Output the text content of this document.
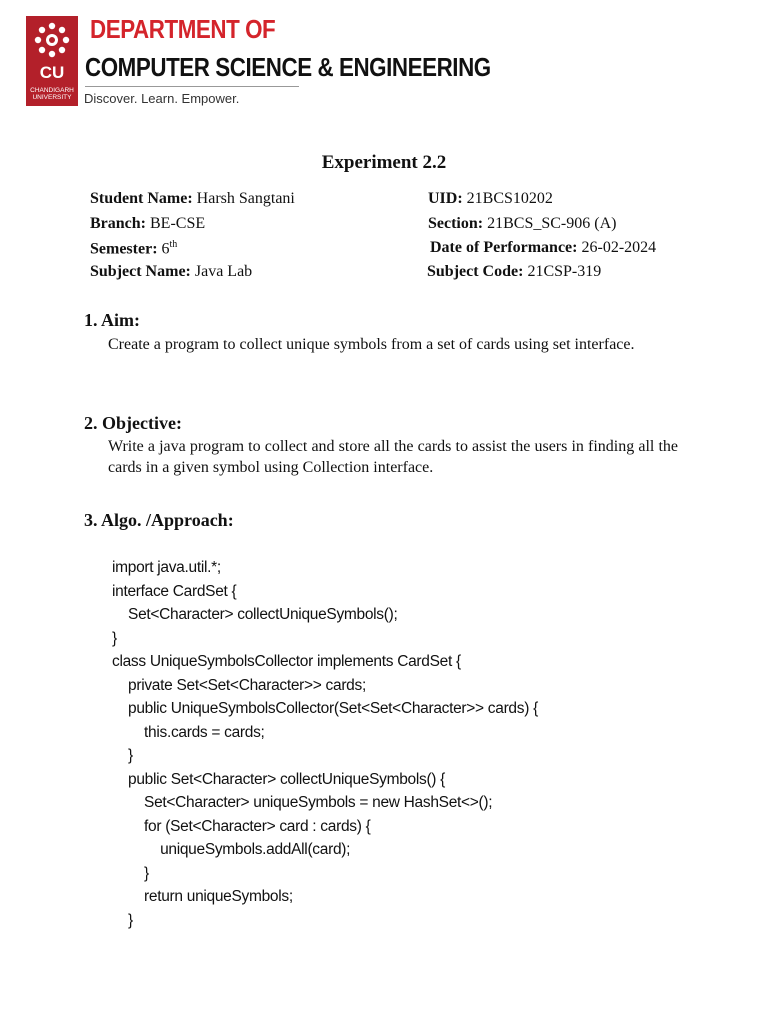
CU
CHANDIGARH UNIVERSITY
DEPARTMENT OF
COMPUTER SCIENCE & ENGINEERING
Discover. Learn. Empower.
Experiment 2.2
Student Name: Harsh Sangtani	UID: 21BCS10202
Branch: BE-CSE	Section: 21BCS_SC-906 (A)
Semester: 6th	Date of Performance: 26-02-2024
Subject Name: Java Lab	Subject Code: 21CSP-319
1. Aim:
Create a program to collect unique symbols from a set of cards using set interface.
2. Objective:
Write a java program to collect and store all the cards to assist the users in finding all the cards in a given symbol using Collection interface.
3. Algo. /Approach:
import java.util.*;
interface CardSet {
Set<Character> collectUniqueSymbols();
}
class UniqueSymbolsCollector implements CardSet {
private Set<Set<Character>> cards;
public UniqueSymbolsCollector(Set<Set<Character>> cards) {
this.cards = cards;
}
public Set<Character> collectUniqueSymbols() {
Set<Character> uniqueSymbols = new HashSet<>();
for (Set<Character> card : cards) {
uniqueSymbols.addAll(card);
}
return uniqueSymbols;
}
